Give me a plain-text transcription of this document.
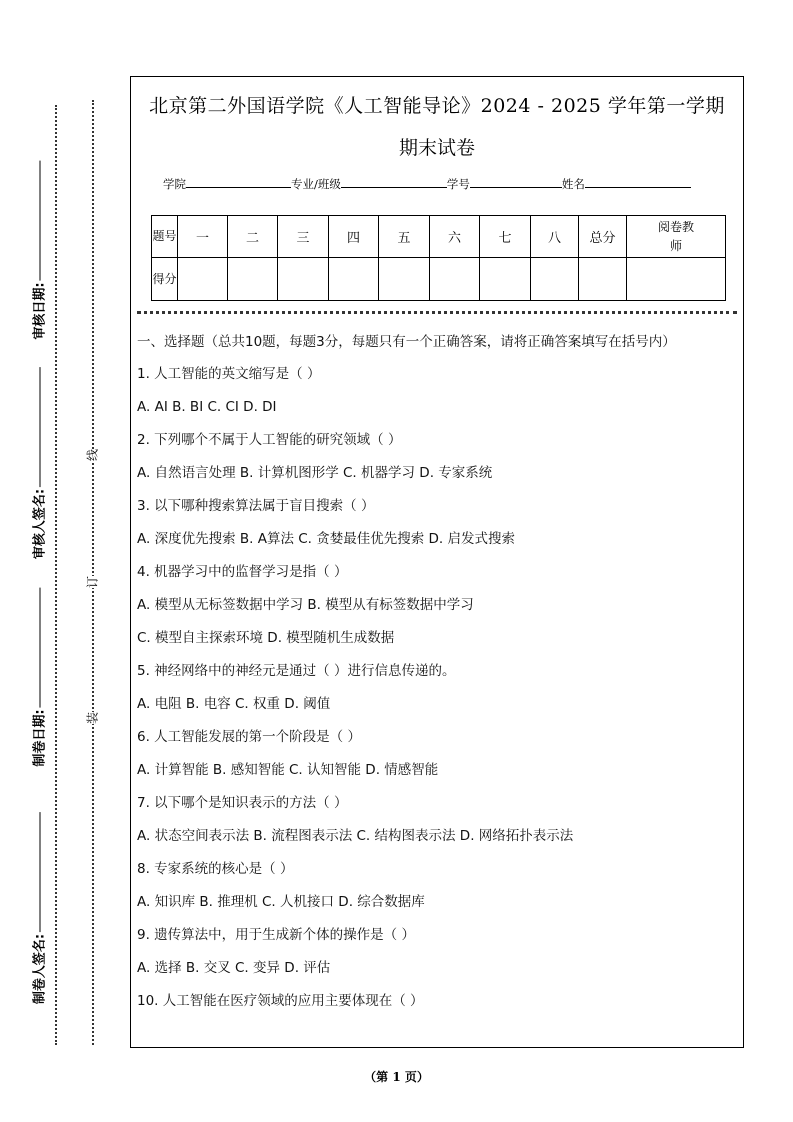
制卷人签名:
制卷日期:
审核人签名:
审核日期:
装
订
线
北京第二外国语学院《人工智能导论》2024 - 2025 学年第一学期
期末试卷
学院	专业/班级	学号	姓名
题号	一	二	三	四	五	六	七	八	总分	阅卷教师
得分										

一、选择题（总共10题，每题3分，每题只有一个正确答案，请将正确答案填写在括号内）

1. 人工智能的英文缩写是（ ）
A. AI B. BI C. CI D. DI
2. 下列哪个不属于人工智能的研究领域（ ）
A. 自然语言处理 B. 计算机图形学 C. 机器学习 D. 专家系统
3. 以下哪种搜索算法属于盲目搜索（ ）
A. 深度优先搜索 B. A算法 C. 贪婪最佳优先搜索 D. 启发式搜索
4. 机器学习中的监督学习是指（ ）
A. 模型从无标签数据中学习 B. 模型从有标签数据中学习
C. 模型自主探索环境 D. 模型随机生成数据
5. 神经网络中的神经元是通过（ ）进行信息传递的。
A. 电阻 B. 电容 C. 权重 D. 阈值
6. 人工智能发展的第一个阶段是（ ）
A. 计算智能 B. 感知智能 C. 认知智能 D. 情感智能
7. 以下哪个是知识表示的方法（ ）
A. 状态空间表示法 B. 流程图表示法 C. 结构图表示法 D. 网络拓扑表示法
8. 专家系统的核心是（ ）
A. 知识库 B. 推理机 C. 人机接口 D. 综合数据库
9. 遗传算法中，用于生成新个体的操作是（ ）
A. 选择 B. 交叉 C. 变异 D. 评估
10. 人工智能在医疗领域的应用主要体现在（ ）
（第 1 页）
